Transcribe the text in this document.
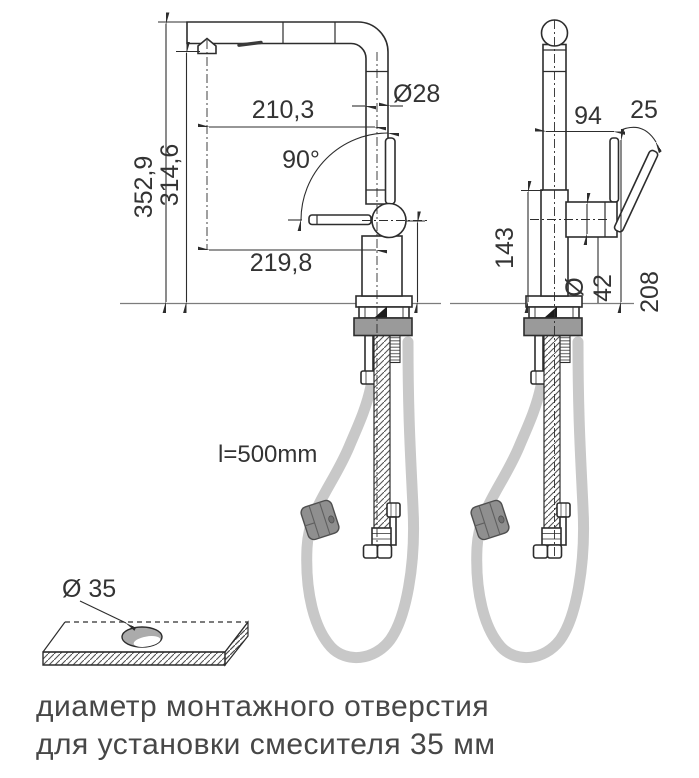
352,9
314,6
210,3
219,8
90°
Ø28
94 25
143
Ø 42 208
l=500mm
Ø 35
диаметр монтажного отверстия
для установки смесителя 35 мм
